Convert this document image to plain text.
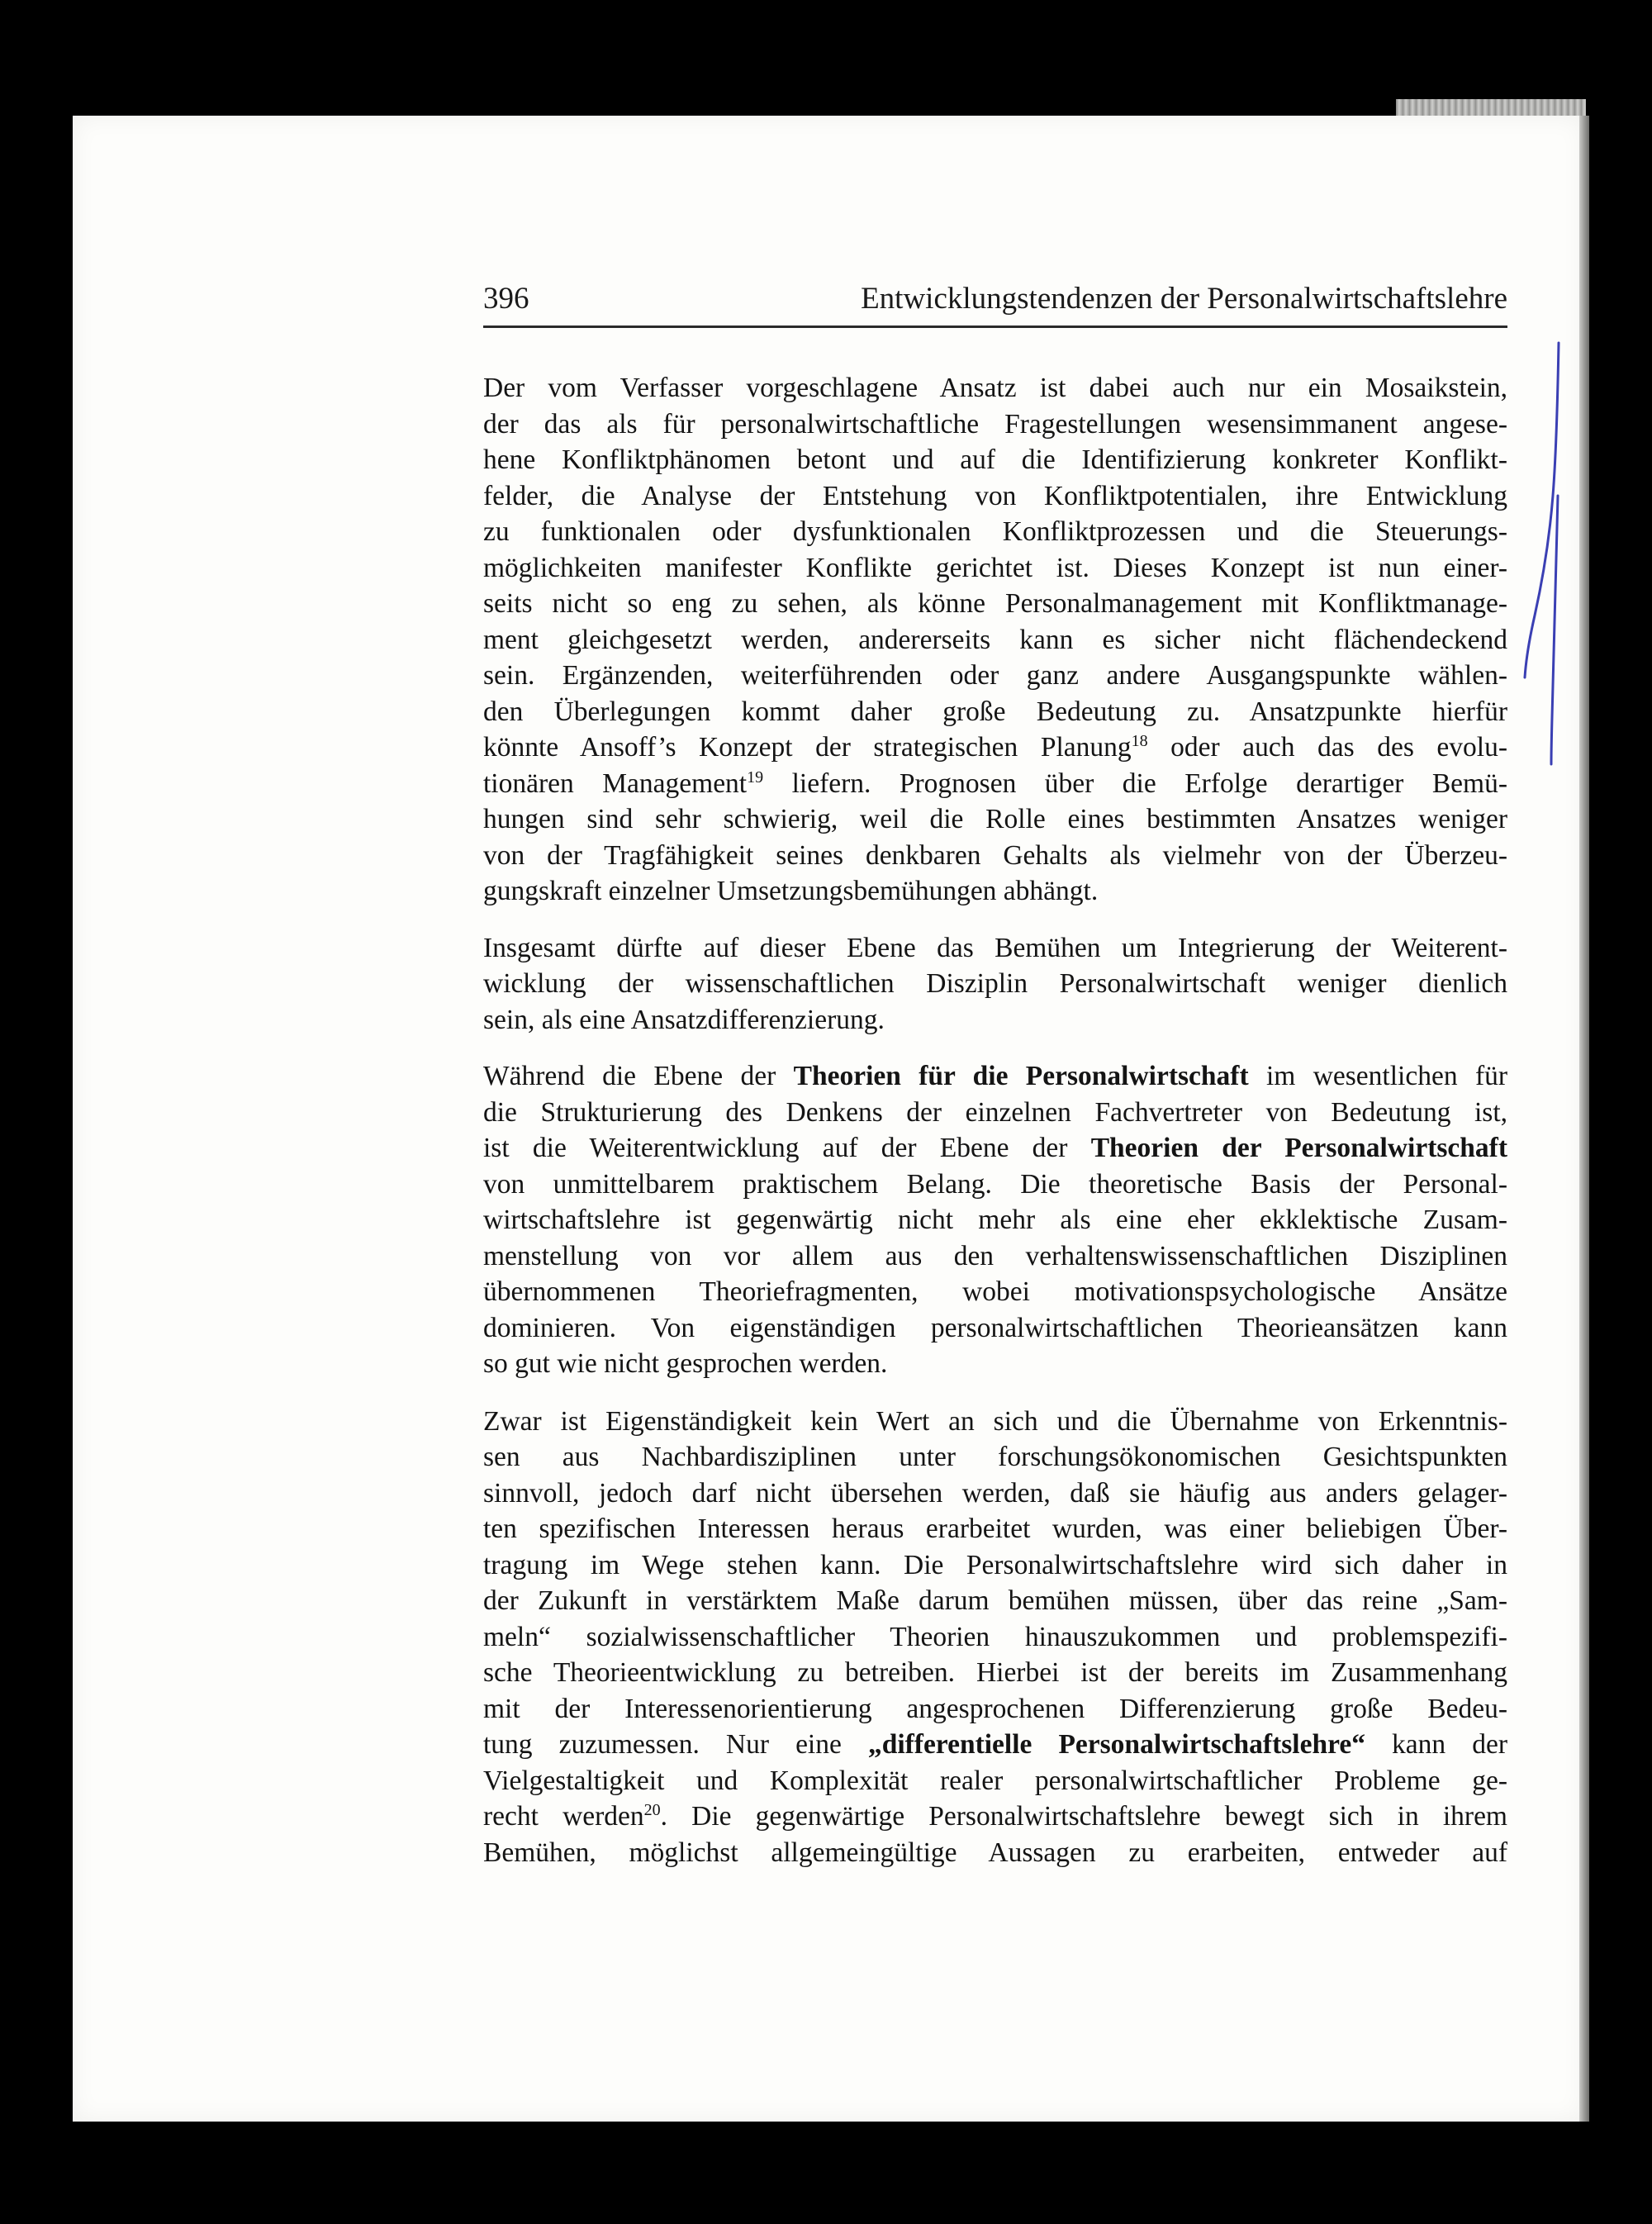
396	Entwicklungstendenzen der Personalwirtschaftslehre
Der vom Verfasser vorgeschlagene Ansatz ist dabei auch nur ein Mosaikstein,
der das als für personalwirtschaftliche Fragestellungen wesensimmanent angese-
hene Konfliktphänomen betont und auf die Identifizierung konkreter Konflikt-
felder, die Analyse der Entstehung von Konfliktpotentialen, ihre Entwicklung
zu funktionalen oder dysfunktionalen Konfliktprozessen und die Steuerungs-
möglichkeiten manifester Konflikte gerichtet ist. Dieses Konzept ist nun einer-
seits nicht so eng zu sehen, als könne Personalmanagement mit Konfliktmanage-
ment gleichgesetzt werden, andererseits kann es sicher nicht flächendeckend
sein. Ergänzenden, weiterführenden oder ganz andere Ausgangspunkte wählen-
den Überlegungen kommt daher große Bedeutung zu. Ansatzpunkte hierfür
könnte Ansoff’s Konzept der strategischen Planung$^{18}$ oder auch das des evolu-
tionären Management$^{19}$ liefern. Prognosen über die Erfolge derartiger Bemü-
hungen sind sehr schwierig, weil die Rolle eines bestimmten Ansatzes weniger
von der Tragfähigkeit seines denkbaren Gehalts als vielmehr von der Überzeu-
gungskraft einzelner Umsetzungsbemühungen abhängt.
Insgesamt dürfte auf dieser Ebene das Bemühen um Integrierung der Weiterent-
wicklung der wissenschaftlichen Disziplin Personalwirtschaft weniger dienlich
sein, als eine Ansatzdifferenzierung.
Während die Ebene der Theorien für die Personalwirtschaft im wesentlichen für
die Strukturierung des Denkens der einzelnen Fachvertreter von Bedeutung ist,
ist die Weiterentwicklung auf der Ebene der Theorien der Personalwirtschaft
von unmittelbarem praktischem Belang. Die theoretische Basis der Personal-
wirtschaftslehre ist gegenwärtig nicht mehr als eine eher ekklektische Zusam-
menstellung von vor allem aus den verhaltenswissenschaftlichen Disziplinen
übernommenen Theoriefragmenten, wobei motivationspsychologische Ansätze
dominieren. Von eigenständigen personalwirtschaftlichen Theorieansätzen kann
so gut wie nicht gesprochen werden.
Zwar ist Eigenständigkeit kein Wert an sich und die Übernahme von Erkenntnis-
sen aus Nachbardisziplinen unter forschungsökonomischen Gesichtspunkten
sinnvoll, jedoch darf nicht übersehen werden, daß sie häufig aus anders gelager-
ten spezifischen Interessen heraus erarbeitet wurden, was einer beliebigen Über-
tragung im Wege stehen kann. Die Personalwirtschaftslehre wird sich daher in
der Zukunft in verstärktem Maße darum bemühen müssen, über das reine „Sam-
meln“ sozialwissenschaftlicher Theorien hinauszukommen und problemspezifi-
sche Theorieentwicklung zu betreiben. Hierbei ist der bereits im Zusammenhang
mit der Interessenorientierung angesprochenen Differenzierung große Bedeu-
tung zuzumessen. Nur eine „differentielle Personalwirtschaftslehre“ kann der
Vielgestaltigkeit und Komplexität realer personalwirtschaftlicher Probleme ge-
recht werden$^{20}$. Die gegenwärtige Personalwirtschaftslehre bewegt sich in ihrem
Bemühen, möglichst allgemeingültige Aussagen zu erarbeiten, entweder auf
